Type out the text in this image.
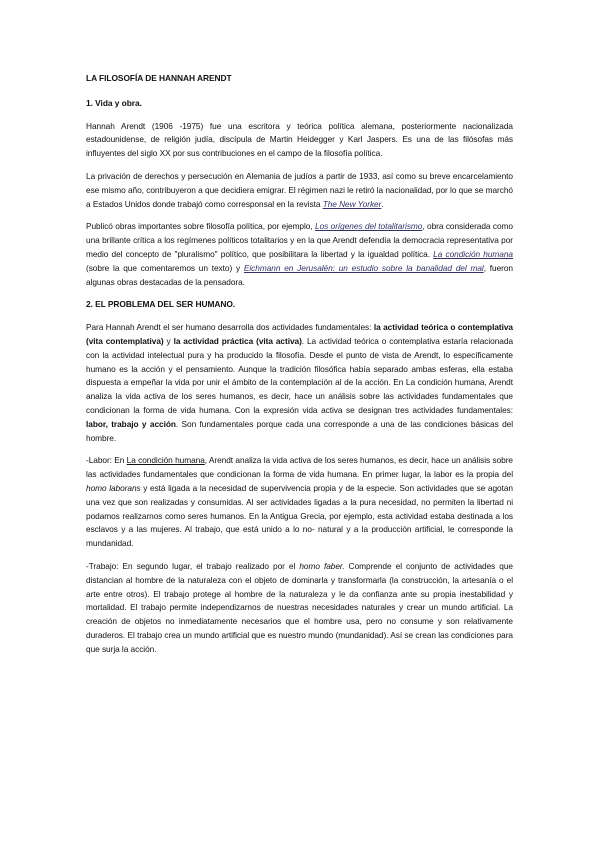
LA FILOSOFÍA DE HANNAH ARENDT
1. Vida y obra.

Hannah Arendt (1906 -1975) fue una escritora y teórica política alemana, posteriormente nacionalizada estadounidense, de religión judía, discípula de Martin Heidegger y Karl Jaspers. Es una de las filósofas más influyentes del siglo XX por sus contribuciones en el campo de la filosofía política.

La privación de derechos y persecución en Alemania de judíos a partir de 1933, así como su breve encarcelamiento ese mismo año, contribuyeron a que decidiera emigrar. El régimen nazi le retiró la nacionalidad, por lo que se marchó a Estados Unidos donde trabajó como corresponsal en la revista The New Yorker.

Publicó obras importantes sobre filosofía política, por ejemplo, Los orígenes del totalitarismo, obra considerada como una brillante crítica a los regímenes políticos totalitarios y en la que Arendt defendía la democracia representativa por medio del concepto de "pluralismo" político, que posibilitara la libertad y la igualdad política. La condición humana (sobre la que comentaremos un texto) y Eichmann en Jerusalén: un estudio sobre la banalidad del mal, fueron algunas obras destacadas de la pensadora.

2. EL PROBLEMA DEL SER HUMANO.

Para Hannah Arendt el ser humano desarrolla dos actividades fundamentales: la actividad teórica o contemplativa (vita contemplativa) y la actividad práctica (vita activa). La actividad teórica o contemplativa estaría relacionada con la actividad intelectual pura y ha producido la filosofía. Desde el punto de vista de Arendt, lo específicamente humano es la acción y el pensamiento. Aunque la tradición filosófica había separado ambas esferas, ella estaba dispuesta a empeñar la vida por unir el ámbito de la contemplación al de la acción. En La condición humana, Arendt analiza la vida activa de los seres humanos, es decir, hace un análisis sobre las actividades fundamentales que condicionan la forma de vida humana. Con la expresión vida activa se designan tres actividades fundamentales: labor, trabajo y acción. Son fundamentales porque cada una corresponde a una de las condiciones básicas del hombre.

-Labor: En La condición humana, Arendt analiza la vida activa de los seres humanos, es decir, hace un análisis sobre las actividades fundamentales que condicionan la forma de vida humana. En primer lugar, la labor es la propia del homo laborans y está ligada a la necesidad de supervivencia propia y de la especie. Son actividades que se agotan una vez que son realizadas y consumidas. Al ser actividades ligadas a la pura necesidad, no permiten la libertad ni podamos realizarnos como seres humanos. En la Antigua Grecia, por ejemplo, esta actividad estaba destinada a los esclavos y a las mujeres. Al trabajo, que está unido a lo no- natural y a la producción artificial, le corresponde la mundanidad.

-Trabajo: En segundo lugar, el trabajo realizado por el homo faber. Comprende el conjunto de actividades que distancian al hombre de la naturaleza con el objeto de dominarla y transformarla (la construcción, la artesanía o el arte entre otros). El trabajo protege al hombre de la naturaleza y le da confianza ante su propia inestabilidad y mortalidad. El trabajo permite independizarnos de nuestras necesidades naturales y crear un mundo artificial. La creación de objetos no inmediatamente necesarios que el hombre usa, pero no consume y son relativamente duraderos. El trabajo crea un mundo artificial que es nuestro mundo (mundanidad). Así se crean las condiciones para que surja la acción.
